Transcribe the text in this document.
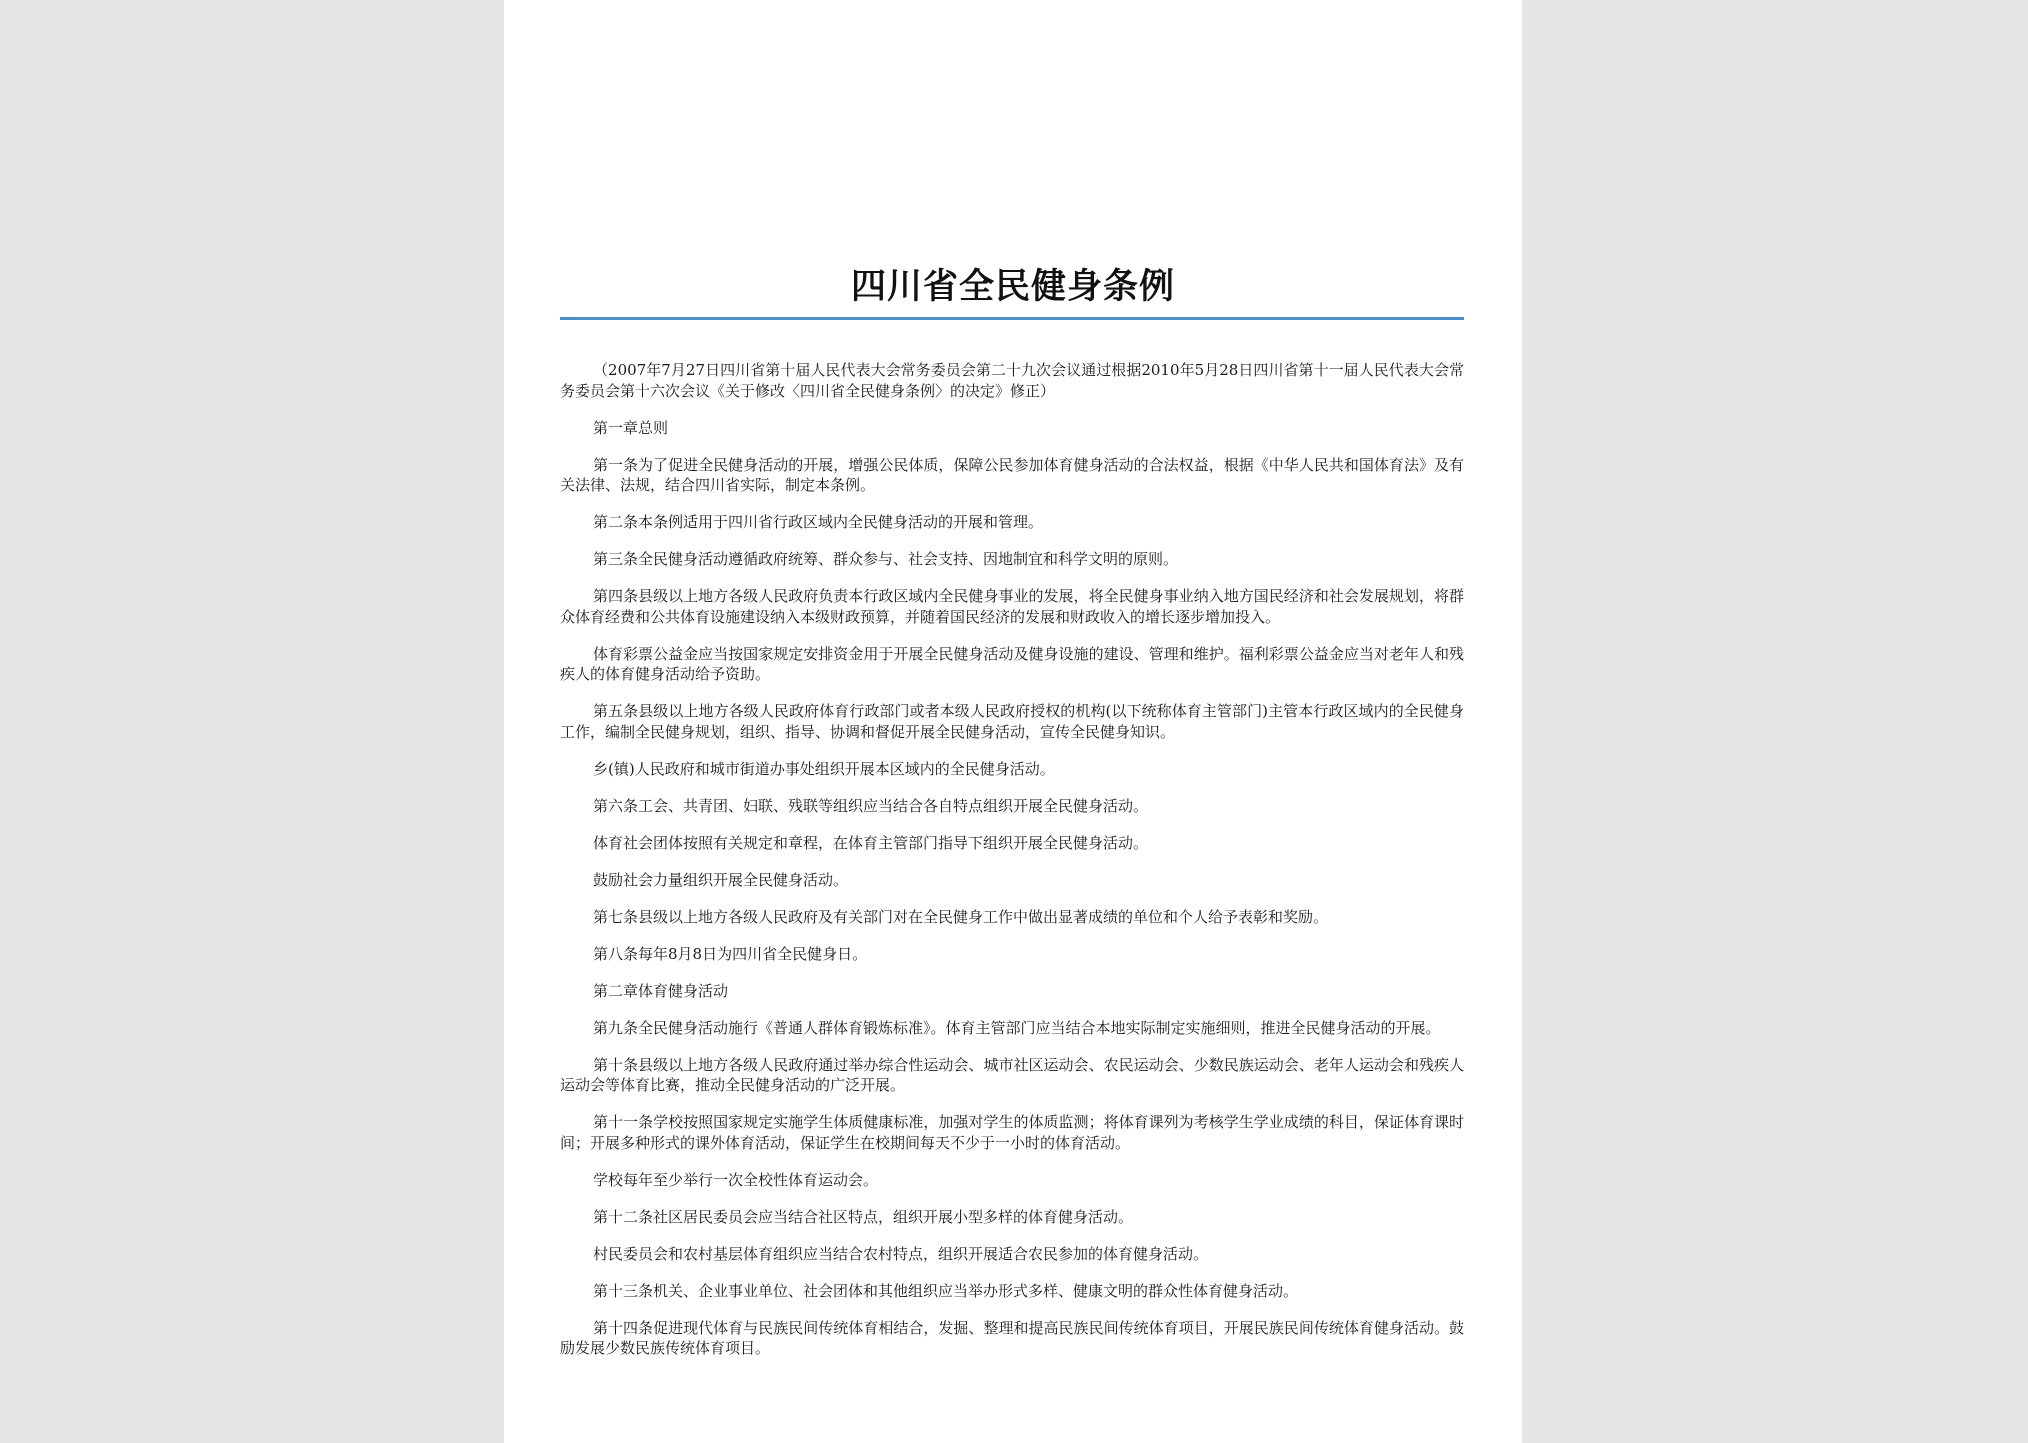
四川省全民健身条例

（2007年7月27日四川省第十届人民代表大会常务委员会第二十九次会议通过根据2010年5月28日四川省第十一届人民代表大会常务委员会第十六次会议《关于修改〈四川省全民健身条例〉的决定》修正）

第一章总则

第一条为了促进全民健身活动的开展，增强公民体质，保障公民参加体育健身活动的合法权益，根据《中华人民共和国体育法》及有关法律、法规，结合四川省实际，制定本条例。

第二条本条例适用于四川省行政区域内全民健身活动的开展和管理。

第三条全民健身活动遵循政府统筹、群众参与、社会支持、因地制宜和科学文明的原则。

第四条县级以上地方各级人民政府负责本行政区域内全民健身事业的发展，将全民健身事业纳入地方国民经济和社会发展规划，将群众体育经费和公共体育设施建设纳入本级财政预算，并随着国民经济的发展和财政收入的增长逐步增加投入。

体育彩票公益金应当按国家规定安排资金用于开展全民健身活动及健身设施的建设、管理和维护。福利彩票公益金应当对老年人和残疾人的体育健身活动给予资助。

第五条县级以上地方各级人民政府体育行政部门或者本级人民政府授权的机构(以下统称体育主管部门)主管本行政区域内的全民健身工作，编制全民健身规划，组织、指导、协调和督促开展全民健身活动，宣传全民健身知识。

乡(镇)人民政府和城市街道办事处组织开展本区域内的全民健身活动。

第六条工会、共青团、妇联、残联等组织应当结合各自特点组织开展全民健身活动。

体育社会团体按照有关规定和章程，在体育主管部门指导下组织开展全民健身活动。

鼓励社会力量组织开展全民健身活动。

第七条县级以上地方各级人民政府及有关部门对在全民健身工作中做出显著成绩的单位和个人给予表彰和奖励。

第八条每年8月8日为四川省全民健身日。

第二章体育健身活动

第九条全民健身活动施行《普通人群体育锻炼标准》。体育主管部门应当结合本地实际制定实施细则，推进全民健身活动的开展。

第十条县级以上地方各级人民政府通过举办综合性运动会、城市社区运动会、农民运动会、少数民族运动会、老年人运动会和残疾人运动会等体育比赛，推动全民健身活动的广泛开展。

第十一条学校按照国家规定实施学生体质健康标准，加强对学生的体质监测；将体育课列为考核学生学业成绩的科目，保证体育课时间；开展多种形式的课外体育活动，保证学生在校期间每天不少于一小时的体育活动。

学校每年至少举行一次全校性体育运动会。

第十二条社区居民委员会应当结合社区特点，组织开展小型多样的体育健身活动。

村民委员会和农村基层体育组织应当结合农村特点，组织开展适合农民参加的体育健身活动。

第十三条机关、企业事业单位、社会团体和其他组织应当举办形式多样、健康文明的群众性体育健身活动。

第十四条促进现代体育与民族民间传统体育相结合，发掘、整理和提高民族民间传统体育项目，开展民族民间传统体育健身活动。鼓励发展少数民族传统体育项目。
